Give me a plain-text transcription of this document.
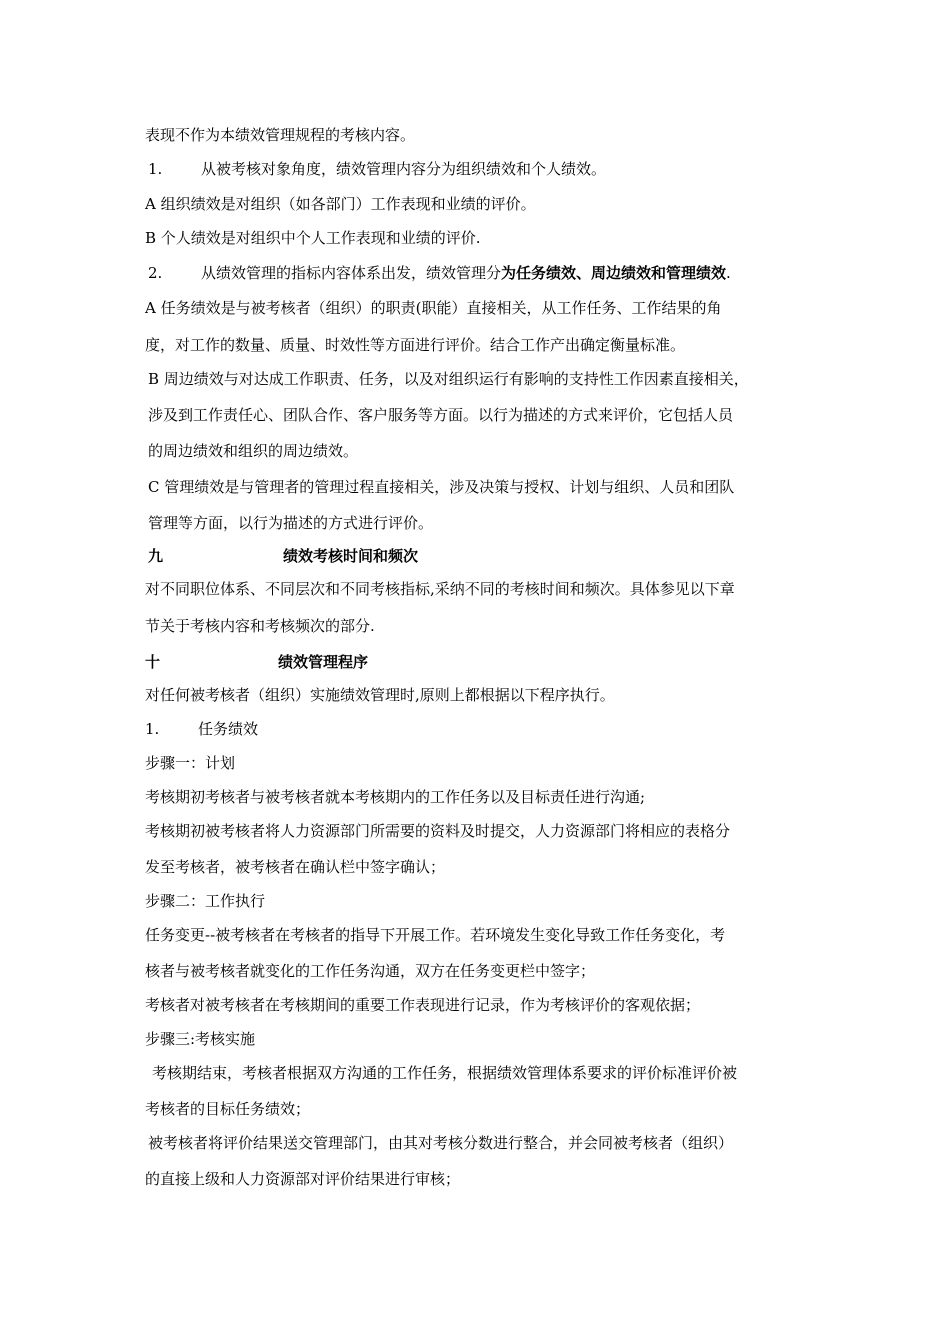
表现不作为本绩效管理规程的考核内容。
1.	从被考核对象角度，绩效管理内容分为组织绩效和个人绩效。
A 组织绩效是对组织（如各部门）工作表现和业绩的评价。
B 个人绩效是对组织中个人工作表现和业绩的评价.
2.	从绩效管理的指标内容体系出发，绩效管理分为任务绩效、周边绩效和管理绩效.
A 任务绩效是与被考核者（组织）的职责(职能）直接相关，从工作任务、工作结果的角
度，对工作的数量、质量、时效性等方面进行评价。结合工作产出确定衡量标准。
B 周边绩效与对达成工作职责、任务，以及对组织运行有影响的支持性工作因素直接相关，
涉及到工作责任心、团队合作、客户服务等方面。以行为描述的方式来评价，它包括人员
的周边绩效和组织的周边绩效。
C 管理绩效是与管理者的管理过程直接相关，涉及决策与授权、计划与组织、人员和团队
管理等方面，以行为描述的方式进行评价。
九	绩效考核时间和频次
对不同职位体系、不同层次和不同考核指标,采纳不同的考核时间和频次。具体参见以下章
节关于考核内容和考核频次的部分.
十	绩效管理程序
对任何被考核者（组织）实施绩效管理时,原则上都根据以下程序执行。
1.	任务绩效
步骤一：计划
考核期初考核者与被考核者就本考核期内的工作任务以及目标责任进行沟通;
考核期初被考核者将人力资源部门所需要的资料及时提交，人力资源部门将相应的表格分
发至考核者，被考核者在确认栏中签字确认；
步骤二：工作执行
任务变更--被考核者在考核者的指导下开展工作。若环境发生变化导致工作任务变化，考
核者与被考核者就变化的工作任务沟通，双方在任务变更栏中签字；
考核者对被考核者在考核期间的重要工作表现进行记录，作为考核评价的客观依据；
步骤三:考核实施
考核期结束，考核者根据双方沟通的工作任务，根据绩效管理体系要求的评价标准评价被
考核者的目标任务绩效；
被考核者将评价结果送交管理部门，由其对考核分数进行整合，并会同被考核者（组织）
的直接上级和人力资源部对评价结果进行审核；
